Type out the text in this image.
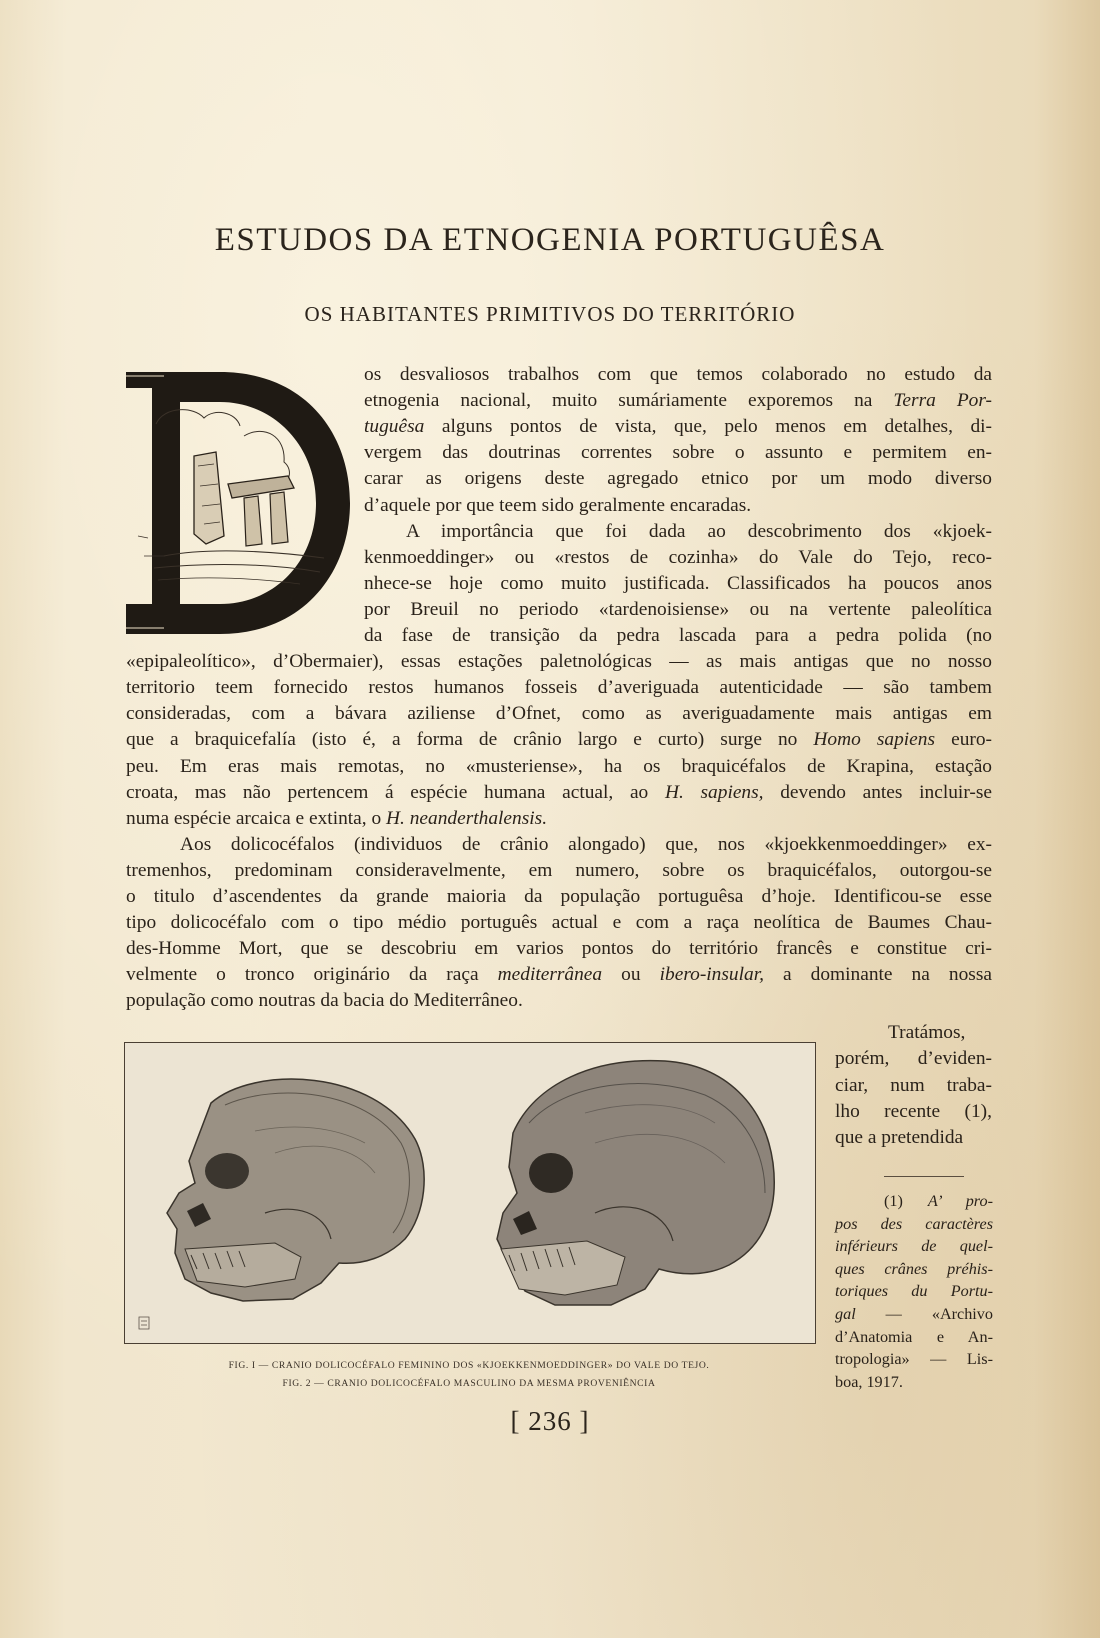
ESTUDOS DA ETNOGENIA PORTUGUÊSA
OS HABITANTES PRIMITIVOS DO TERRITÓRIO
os desvaliosos trabalhos com que temos colaborado no estudo da
etnogenia nacional, muito sumáriamente exporemos na Terra Por-
tuguêsa alguns pontos de vista, que, pelo menos em detalhes, di-
vergem das doutrinas correntes sobre o assunto e permitem en-
carar as origens deste agregado etnico por um modo diverso
d’aquele por que teem sido geralmente encaradas.
A importância que foi dada ao descobrimento dos «kjoek-
kenmoeddinger» ou «restos de cozinha» do Vale do Tejo, reco-
nhece-se hoje como muito justificada. Classificados ha poucos anos
por Breuil no periodo «tardenoisiense» ou na vertente paleolítica
da fase de transição da pedra lascada para a pedra polida (no
«epipaleolítico», d’Obermaier), essas estações paletnológicas — as mais antigas que no nosso
territorio teem fornecido restos humanos fosseis d’averiguada autenticidade — são tambem
consideradas, com a bávara aziliense d’Ofnet, como as averiguadamente mais antigas em
que a braquicefalía (isto é, a forma de crânio largo e curto) surge no Homo sapiens euro-
peu. Em eras mais remotas, no «musteriense», ha os braquicéfalos de Krapina, estação
croata, mas não pertencem á espécie humana actual, ao H. sapiens, devendo antes incluir-se
numa espécie arcaica e extinta, o H. neanderthalensis.
Aos dolicocéfalos (individuos de crânio alongado) que, nos «kjoekkenmoeddinger» ex-
tremenhos, predominam consideravelmente, em numero, sobre os braquicéfalos, outorgou-se
o titulo d’ascendentes da grande maioria da população portuguêsa d’hoje. Identificou-se esse
tipo dolicocéfalo com o tipo médio português actual e com a raça neolítica de Baumes Chau-
des-Homme Mort, que se descobriu em varios pontos do território francês e constitue cri-
velmente o tronco originário da raça mediterrânea ou ibero-insular, a dominante na nossa
população como noutras da bacia do Mediterrâneo.
Tratámos,
porém, d’eviden-
ciar, num traba-
lho recente (1),
que a pretendida
FIG. I — CRANIO DOLICOCÉFALO FEMININO DOS «KJOEKKENMOEDDINGER» DO VALE DO TEJO.
FIG. 2 — CRANIO DOLICOCÉFALO MASCULINO DA MESMA PROVENIÊNCIA
(1) A’ pro-
pos des caractères
inférieurs de quel-
ques crânes préhis-
toriques du Portu-
gal — «Archivo
d’Anatomia e An-
tropologia» — Lis-
boa, 1917.
[ 236 ]
